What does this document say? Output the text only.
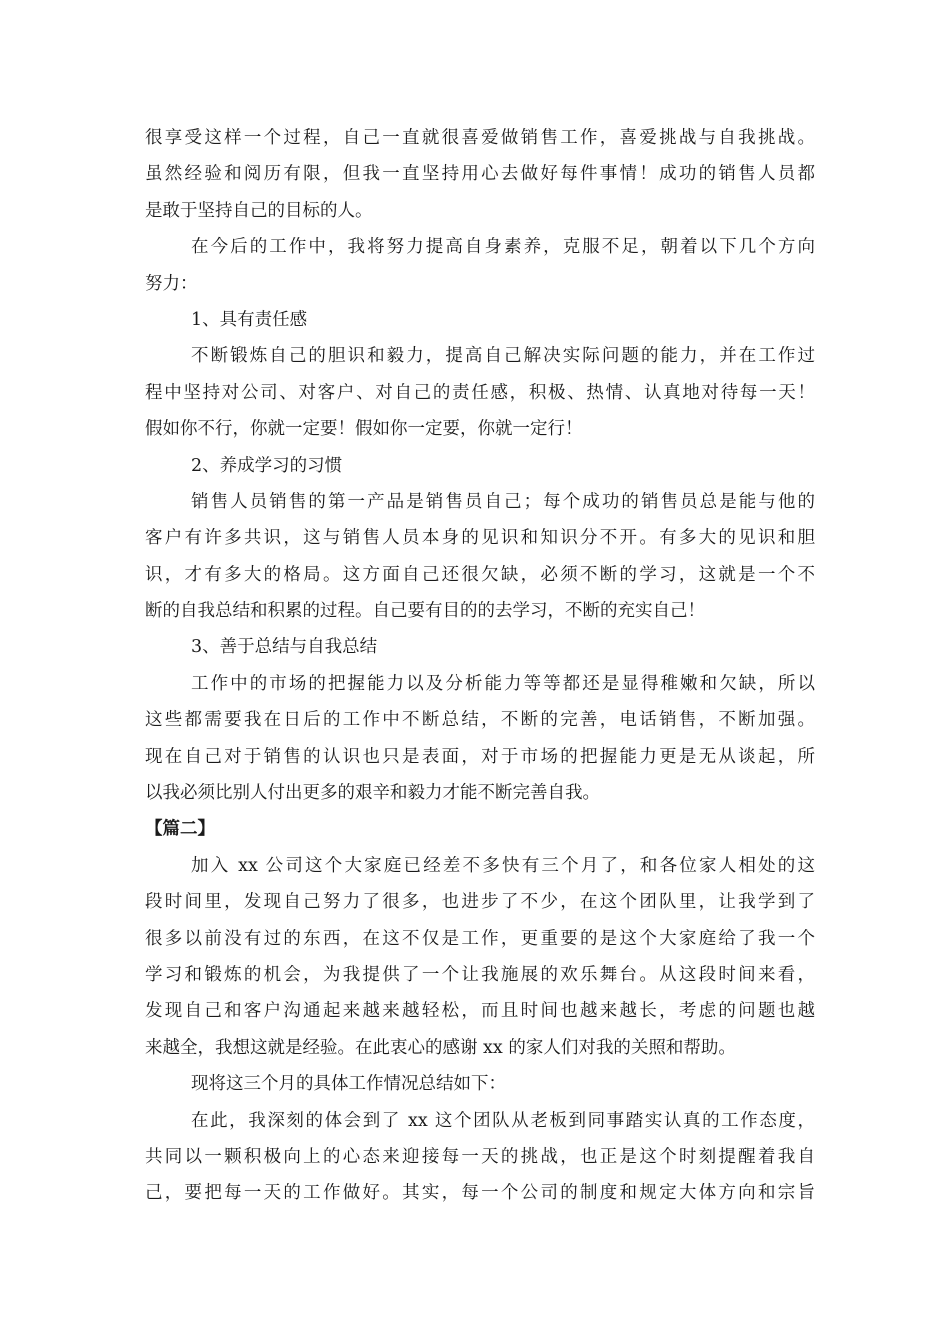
很享受这样一个过程，自己一直就很喜爱做销售工作，喜爱挑战与自我挑战。
虽然经验和阅历有限，但我一直坚持用心去做好每件事情！成功的销售人员都
是敢于坚持自己的目标的人。
在今后的工作中，我将努力提高自身素养，克服不足，朝着以下几个方向
努力：
1、具有责任感
不断锻炼自己的胆识和毅力，提高自己解决实际问题的能力，并在工作过
程中坚持对公司、对客户、对自己的责任感，积极、热情、认真地对待每一天！
假如你不行，你就一定要！假如你一定要，你就一定行！
2、养成学习的习惯
销售人员销售的第一产品是销售员自己；每个成功的销售员总是能与他的
客户有许多共识，这与销售人员本身的见识和知识分不开。有多大的见识和胆
识，才有多大的格局。这方面自己还很欠缺，必须不断的学习，这就是一个不
断的自我总结和积累的过程。自己要有目的的去学习，不断的充实自己！
3、善于总结与自我总结
工作中的市场的把握能力以及分析能力等等都还是显得稚嫩和欠缺，所以
这些都需要我在日后的工作中不断总结，不断的完善，电话销售，不断加强。
现在自己对于销售的认识也只是表面，对于市场的把握能力更是无从谈起，所
以我必须比别人付出更多的艰辛和毅力才能不断完善自我。
【篇二】
加入 xx 公司这个大家庭已经差不多快有三个月了，和各位家人相处的这
段时间里，发现自己努力了很多，也进步了不少，在这个团队里，让我学到了
很多以前没有过的东西，在这不仅是工作，更重要的是这个大家庭给了我一个
学习和锻炼的机会，为我提供了一个让我施展的欢乐舞台。从这段时间来看，
发现自己和客户沟通起来越来越轻松，而且时间也越来越长，考虑的问题也越
来越全，我想这就是经验。在此衷心的感谢 xx 的家人们对我的关照和帮助。
现将这三个月的具体工作情况总结如下：
在此，我深刻的体会到了 xx 这个团队从老板到同事踏实认真的工作态度，
共同以一颗积极向上的心态来迎接每一天的挑战，也正是这个时刻提醒着我自
己，要把每一天的工作做好。其实，每一个公司的制度和规定大体方向和宗旨
